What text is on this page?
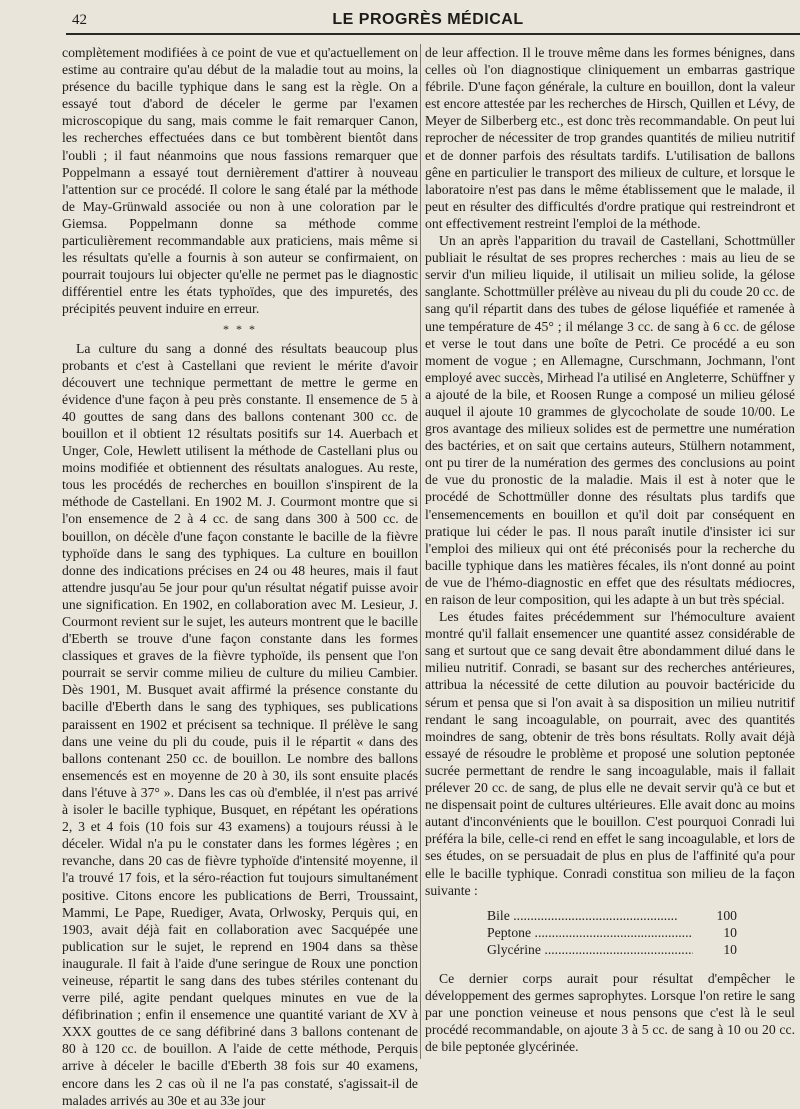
42	LE PROGRÈS MÉDICAL

complètement modifiées à ce point de vue et qu'actuellement on estime au contraire qu'au début de la maladie tout au moins, la présence du bacille typhique dans le sang est la règle. On a essayé tout d'abord de déceler le germe par l'examen microscopique du sang, mais comme le fait remarquer Canon, les recherches effectuées dans ce but tombèrent bientôt dans l'oubli ; il faut néanmoins que nous fassions remarquer que Poppelmann a essayé tout dernièrement d'attirer à nouveau l'attention sur ce procédé. Il colore le sang étalé par la méthode de May-Grünwald associée ou non à une coloration par le Giemsa. Poppelmann donne sa méthode comme particulièrement recommandable aux praticiens, mais même si les résultats qu'elle a fournis à son auteur se confirmaient, on pourrait toujours lui objecter qu'elle ne permet pas le diagnostic différentiel entre les états typhoïdes, que des impuretés, des précipités peuvent induire en erreur.

* * *

La culture du sang a donné des résultats beaucoup plus probants et c'est à Castellani que revient le mérite d'avoir découvert une technique permettant de mettre le germe en évidence d'une façon à peu près constante. Il ensemence de 5 à 40 gouttes de sang dans des ballons contenant 300 cc. de bouillon et il obtient 12 résultats positifs sur 14. Auerbach et Unger, Cole, Hewlett utilisent la méthode de Castellani plus ou moins modifiée et obtiennent des résultats analogues. Au reste, tous les procédés de recherches en bouillon s'inspirent de la méthode de Castellani. En 1902 M. J. Courmont montre que si l'on ensemence de 2 à 4 cc. de sang dans 300 à 500 cc. de bouillon, on décèle d'une façon constante le bacille de la fièvre typhoïde dans le sang des typhiques. La culture en bouillon donne des indications précises en 24 ou 48 heures, mais il faut attendre jusqu'au 5e jour pour qu'un résultat négatif puisse avoir une signification. En 1902, en collaboration avec M. Lesieur, J. Courmont revient sur le sujet, les auteurs montrent que le bacille d'Eberth se trouve d'une façon constante dans les formes classiques et graves de la fièvre typhoïde, ils pensent que l'on pourrait se servir comme milieu de culture du milieu Cambier. Dès 1901, M. Busquet avait affirmé la présence constante du bacille d'Eberth dans le sang des typhiques, ses publications paraissent en 1902 et précisent sa technique. Il prélève le sang dans une veine du pli du coude, puis il le répartit « dans des ballons contenant 250 cc. de bouillon. Le nombre des ballons ensemencés est en moyenne de 20 à 30, ils sont ensuite placés dans l'étuve à 37° ». Dans les cas où d'emblée, il n'est pas arrivé à isoler le bacille typhique, Busquet, en répétant les opérations 2, 3 et 4 fois (10 fois sur 43 examens) a toujours réussi à le déceler. Widal n'a pu le constater dans les formes légères ; en revanche, dans 20 cas de fièvre typhoïde d'intensité moyenne, il l'a trouvé 17 fois, et la séro-réaction fut toujours simultanément positive. Citons encore les publications de Berri, Troussaint, Mammi, Le Pape, Ruediger, Avata, Orlwosky, Perquis qui, en 1903, avait déjà fait en collaboration avec Sacquépée une publication sur le sujet, le reprend en 1904 dans sa thèse inaugurale. Il fait à l'aide d'une seringue de Roux une ponction veineuse, répartit le sang dans des tubes stériles contenant du verre pilé, agite pendant quelques minutes en vue de la défibrination ; enfin il ensemence une quantité variant de XV à XXX gouttes de ce sang défibriné dans 3 ballons contenant de 80 à 120 cc. de bouillon. A l'aide de cette méthode, Perquis arrive à déceler le bacille d'Eberth 38 fois sur 40 examens, encore dans les 2 cas où il ne l'a pas constaté, s'agissait-il de malades arrivés au 30e et au 33e jour

de leur affection. Il le trouve même dans les formes bénignes, dans celles où l'on diagnostique cliniquement un embarras gastrique fébrile. D'une façon générale, la culture en bouillon, dont la valeur est encore attestée par les recherches de Hirsch, Quillen et Lévy, de Meyer de Silberberg etc., est donc très recommandable. On peut lui reprocher de nécessiter de trop grandes quantités de milieu nutritif et de donner parfois des résultats tardifs. L'utilisation de ballons gêne en particulier le transport des milieux de culture, et lorsque le laboratoire n'est pas dans le même établissement que le malade, il peut en résulter des difficultés d'ordre pratique qui restreindront et ont effectivement restreint l'emploi de la méthode.

Un an après l'apparition du travail de Castellani, Schottmüller publiait le résultat de ses propres recherches : mais au lieu de se servir d'un milieu liquide, il utilisait un milieu solide, la gélose sanglante. Schottmüller prélève au niveau du pli du coude 20 cc. de sang qu'il répartit dans des tubes de gélose liquéfiée et ramenée à une température de 45° ; il mélange 3 cc. de sang à 6 cc. de gélose et verse le tout dans une boîte de Petri. Ce procédé a eu son moment de vogue ; en Allemagne, Curschmann, Jochmann, l'ont employé avec succès, Mirhead l'a utilisé en Angleterre, Schüffner y a ajouté de la bile, et Roosen Runge a composé un milieu gélosé auquel il ajoute 10 grammes de glycocholate de soude 10/00. Le gros avantage des milieux solides est de permettre une numération des bactéries, et on sait que certains auteurs, Stülhern notamment, ont pu tirer de la numération des germes des conclusions au point de vue du pronostic de la maladie. Mais il est à noter que le procédé de Schottmüller donne des résultats plus tardifs que l'ensemencements en bouillon et qu'il doit par conséquent en pratique lui céder le pas. Il nous paraît inutile d'insister ici sur l'emploi des milieux qui ont été préconisés pour la recherche du bacille typhique dans les matières fécales, ils n'ont donné au point de vue de l'hémo-diagnostic en effet que des résultats médiocres, en raison de leur composition, qui les adapte à un but très spécial.

Les études faites précédemment sur l'hémoculture avaient montré qu'il fallait ensemencer une quantité assez considérable de sang et surtout que ce sang devait être abondamment dilué dans le milieu nutritif. Conradi, se basant sur des recherches antérieures, attribua la nécessité de cette dilution au pouvoir bactéricide du sérum et pensa que si l'on avait à sa disposition un milieu nutritif rendant le sang incoagulable, on pourrait, avec des quantités moindres de sang, obtenir de très bons résultats. Rolly avait déjà essayé de résoudre le problème et proposé une solution peptonée sucrée permettant de rendre le sang incoagulable, mais il fallait prélever 20 cc. de sang, de plus elle ne devait servir qu'à ce but et ne dispensait point de cultures ultérieures. Elle avait donc au moins autant d'inconvénients que le bouillon. C'est pourquoi Conradi lui préféra la bile, celle-ci rend en effet le sang incoagulable, et lors de ses études, on se persuadait de plus en plus de l'affinité qu'a pour elle le bacille typhique. Conradi constitua son milieu de la façon suivante :

Bile .....	100
Peptone .....	10
Glycérine .....	10

Ce dernier corps aurait pour résultat d'empêcher le développement des germes saprophytes. Lorsque l'on retire le sang par une ponction veineuse et nous pensons que c'est là le seul procédé recommandable, on ajoute 3 à 5 cc. de sang à 10 ou 20 cc. de bile peptonée glycérinée.
